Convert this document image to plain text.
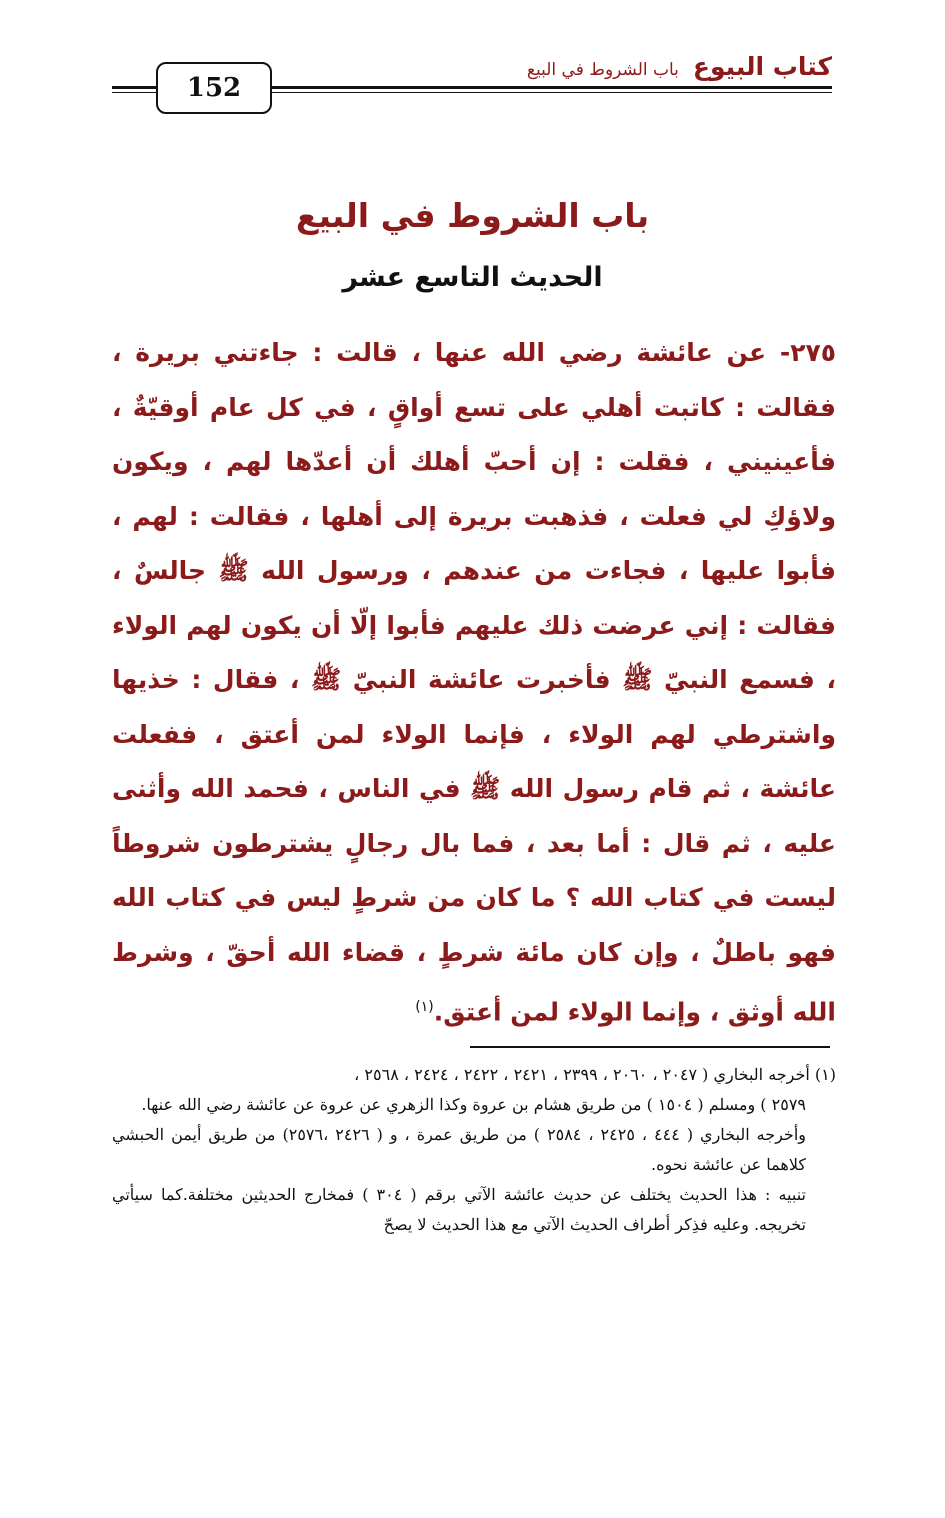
152
كتاب البيوع
باب الشروط في البيع
باب الشروط في البيع
الحديث التاسع عشر
٢٧٥- عن عائشة رضي الله عنها ، قالت : جاءتني بريرة ، فقالت : كاتبت أهلي على تسع أواقٍ ، في كل عام أوقيّةٌ ، فأعينيني ، فقلت : إن أحبّ أهلك أن أعدّها لهم ، ويكون ولاؤكِ لي فعلت ، فذهبت بريرة إلى أهلها ، فقالت : لهم ، فأبوا عليها ، فجاءت من عندهم ، ورسول الله ﷺ جالسٌ ، فقالت : إني عرضت ذلك عليهم فأبوا إلّا أن يكون لهم الولاء ، فسمع النبيّ ﷺ فأخبرت عائشة النبيّ ﷺ ، فقال : خذيها واشترطي لهم الولاء ، فإنما الولاء لمن أعتق ، ففعلت عائشة ، ثم قام رسول الله ﷺ في الناس ، فحمد الله وأثنى عليه ، ثم قال : أما بعد ، فما بال رجالٍ يشترطون شروطاً ليست في كتاب الله ؟ ما كان من شرطٍ ليس في كتاب الله فهو باطلٌ ، وإن كان مائة شرطٍ ، قضاء الله أحقّ ، وشرط الله أوثق ، وإنما الولاء لمن أعتق.$^{(١)}$

(١) أخرجه البخاري ( ٢٠٤٧ ، ٢٠٦٠ ، ٢٣٩٩ ، ٢٤٢١ ، ٢٤٢٢ ، ٢٤٢٤ ، ٢٥٦٨ ،

٢٥٧٩ ) ومسلم ( ١٥٠٤ ) من طريق هشام بن عروة وكذا الزهري عن عروة عن عائشة رضي الله عنها.

وأخرجه البخاري ( ٤٤٤ ، ٢٤٢٥ ، ٢٥٨٤ ) من طريق عمرة ، و ( ٢٤٢٦ ،٢٥٧٦) من طريق أيمن الحبشي كلاهما عن عائشة نحوه.

تنبيه : هذا الحديث يختلف عن حديث عائشة الآتي برقم ( ٣٠٤ ) فمخارج الحديثين مختلفة.كما سيأتي تخريجه. وعليه فذِكر أطراف الحديث الآتي مع هذا الحديث لا يصحّ
